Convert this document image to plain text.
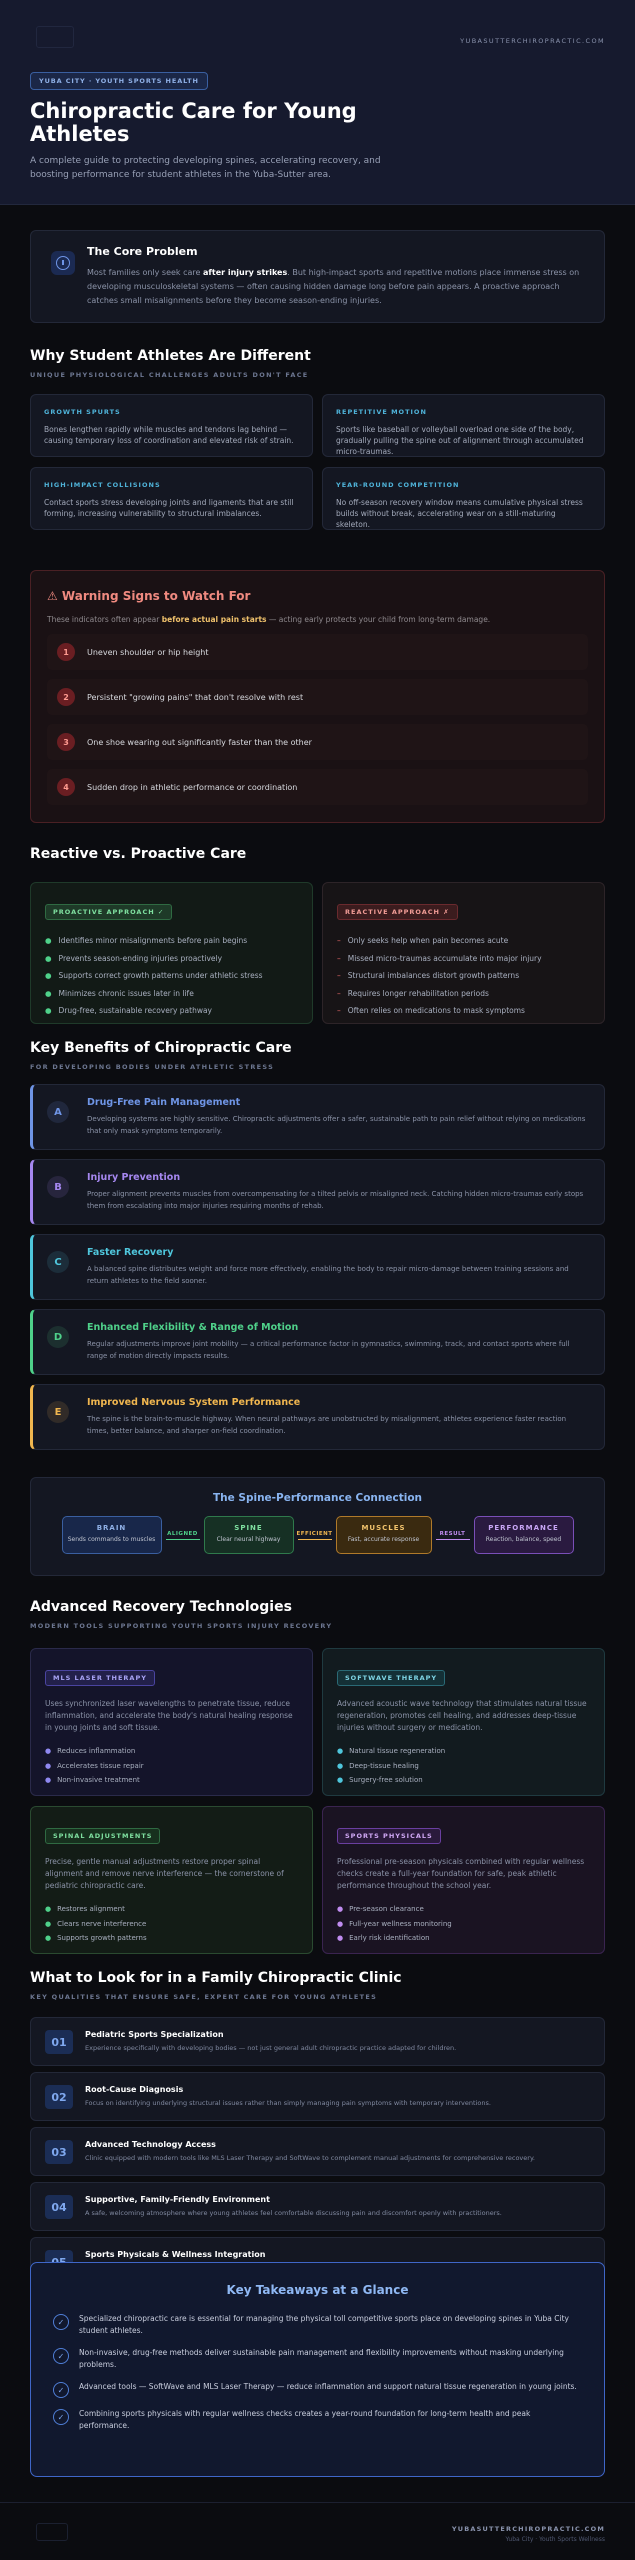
YUBASUTTERCHIROPRACTIC.COM
YUBA CITY · YOUTH SPORTS HEALTH
Chiropractic Care for Young Athletes

A complete guide to protecting developing spines, accelerating recovery, and boosting performance for student athletes in the Yuba-Sutter area.

The Core Problem

Most families only seek care after injury strikes. But high-impact sports and repetitive motions place immense stress on developing musculoskeletal systems — often causing hidden damage long before pain appears. A proactive approach catches small misalignments before they become season-ending injuries.

Why Student Athletes Are Different
UNIQUE PHYSIOLOGICAL CHALLENGES ADULTS DON'T FACE
GROWTH SPURTS
Bones lengthen rapidly while muscles and tendons lag behind — causing temporary loss of coordination and elevated risk of strain.
REPETITIVE MOTION
Sports like baseball or volleyball overload one side of the body, gradually pulling the spine out of alignment through accumulated micro-traumas.
HIGH-IMPACT COLLISIONS
Contact sports stress developing joints and ligaments that are still forming, increasing vulnerability to structural imbalances.
YEAR-ROUND COMPETITION
No off-season recovery window means cumulative physical stress builds without break, accelerating wear on a still-maturing skeleton.
⚠ Warning Signs to Watch For

These indicators often appear before actual pain starts — acting early protects your child from long-term damage.

1	Uneven shoulder or hip height
2	Persistent "growing pains" that don't resolve with rest
3	One shoe wearing out significantly faster than the other
4	Sudden drop in athletic performance or coordination
Reactive vs. Proactive Care
PROACTIVE APPROACH ✓
● Identifies minor misalignments before pain begins
● Prevents season-ending injuries proactively
● Supports correct growth patterns under athletic stress
● Minimizes chronic issues later in life
● Drug-free, sustainable recovery pathway
REACTIVE APPROACH ✗
– Only seeks help when pain becomes acute
– Missed micro-traumas accumulate into major injury
– Structural imbalances distort growth patterns
– Requires longer rehabilitation periods
– Often relies on medications to mask symptoms
Key Benefits of Chiropractic Care
FOR DEVELOPING BODIES UNDER ATHLETIC STRESS
A
Drug-Free Pain Management
Developing systems are highly sensitive. Chiropractic adjustments offer a safer, sustainable path to pain relief without relying on medications that only mask symptoms temporarily.
B
Injury Prevention
Proper alignment prevents muscles from overcompensating for a tilted pelvis or misaligned neck. Catching hidden micro-traumas early stops them from escalating into major injuries requiring months of rehab.
C
Faster Recovery
A balanced spine distributes weight and force more effectively, enabling the body to repair micro-damage between training sessions and return athletes to the field sooner.
D
Enhanced Flexibility & Range of Motion
Regular adjustments improve joint mobility — a critical performance factor in gymnastics, swimming, track, and contact sports where full range of motion directly impacts results.
E
Improved Nervous System Performance
The spine is the brain-to-muscle highway. When neural pathways are unobstructed by misalignment, athletes experience faster reaction times, better balance, and sharper on-field coordination.
The Spine-Performance Connection
BRAIN
Sends commands to muscles
ALIGNED
SPINE
Clear neural highway
EFFICIENT
MUSCLES
Fast, accurate response
RESULT
PERFORMANCE
Reaction, balance, speed
Advanced Recovery Technologies
MODERN TOOLS SUPPORTING YOUTH SPORTS INJURY RECOVERY
MLS LASER THERAPY
Uses synchronized laser wavelengths to penetrate tissue, reduce inflammation, and accelerate the body's natural healing response in young joints and soft tissue.
● Reduces inflammation
● Accelerates tissue repair
● Non-invasive treatment
SOFTWAVE THERAPY
Advanced acoustic wave technology that stimulates natural tissue regeneration, promotes cell healing, and addresses deep-tissue injuries without surgery or medication.
● Natural tissue regeneration
● Deep-tissue healing
● Surgery-free solution
SPINAL ADJUSTMENTS
Precise, gentle manual adjustments restore proper spinal alignment and remove nerve interference — the cornerstone of pediatric chiropractic care.
● Restores alignment
● Clears nerve interference
● Supports growth patterns
SPORTS PHYSICALS
Professional pre-season physicals combined with regular wellness checks create a full-year foundation for safe, peak athletic performance throughout the school year.
● Pre-season clearance
● Full-year wellness monitoring
● Early risk identification
What to Look for in a Family Chiropractic Clinic
KEY QUALITIES THAT ENSURE SAFE, EXPERT CARE FOR YOUNG ATHLETES
01
Pediatric Sports Specialization
Experience specifically with developing bodies — not just general adult chiropractic practice adapted for children.
02
Root-Cause Diagnosis
Focus on identifying underlying structural issues rather than simply managing pain symptoms with temporary interventions.
03
Advanced Technology Access
Clinic equipped with modern tools like MLS Laser Therapy and SoftWave to complement manual adjustments for comprehensive recovery.
04
Supportive, Family-Friendly Environment
A safe, welcoming atmosphere where young athletes feel comfortable discussing pain and discomfort openly with practitioners.
Sports Physicals & Wellness Integration
Key Takeaways at a Glance
✓	Specialized chiropractic care is essential for managing the physical toll competitive sports place on developing spines in Yuba City student athletes.
✓	Non-invasive, drug-free methods deliver sustainable pain management and flexibility improvements without masking underlying problems.
✓	Advanced tools — SoftWave and MLS Laser Therapy — reduce inflammation and support natural tissue regeneration in young joints.
✓	Combining sports physicals with regular wellness checks creates a year-round foundation for long-term health and peak performance.
YUBASUTTERCHIROPRACTIC.COM
Yuba City · Youth Sports Wellness
